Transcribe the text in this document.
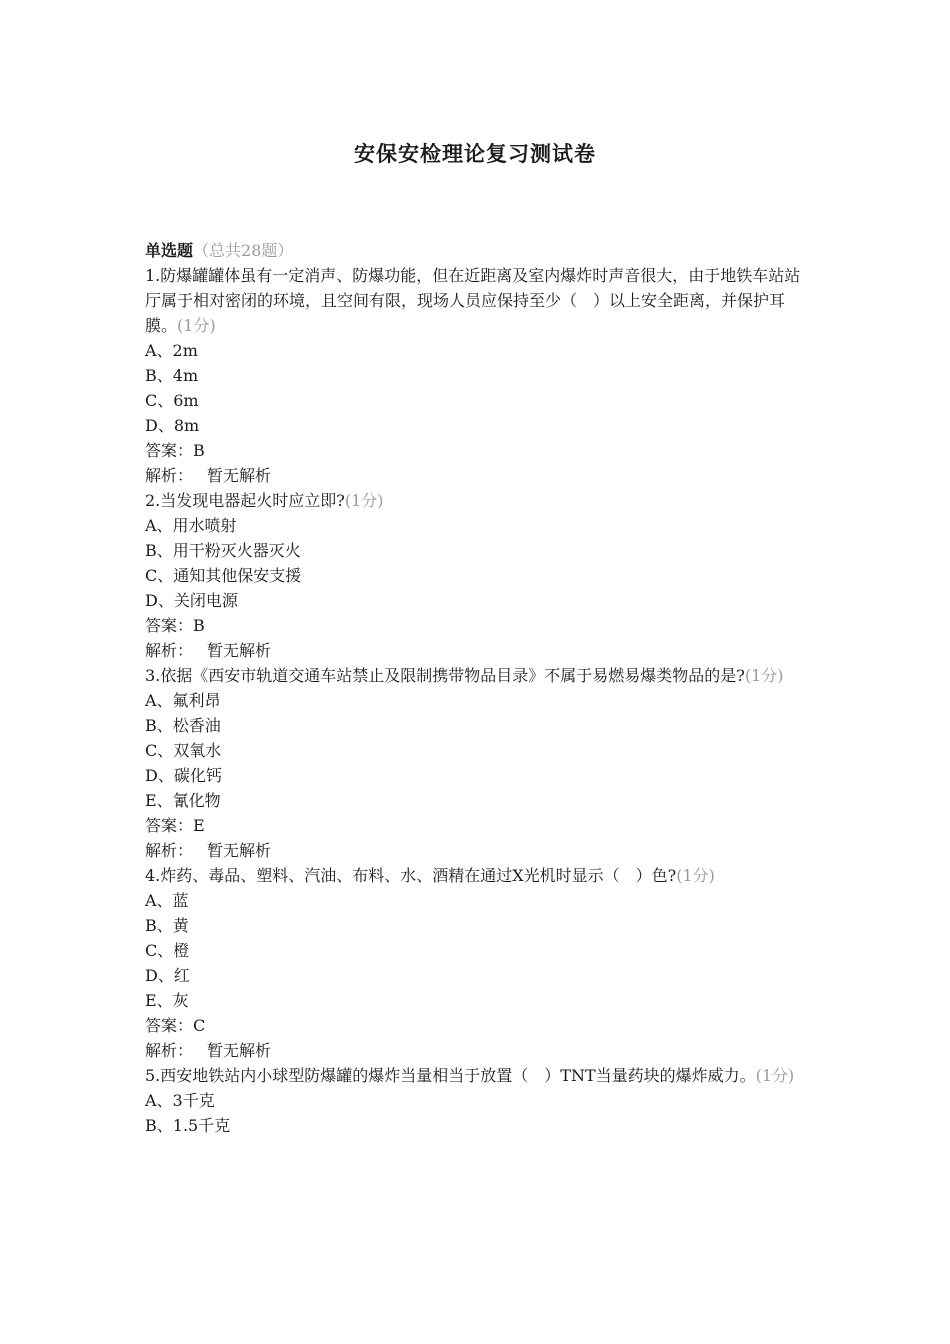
安保安检理论复习测试卷
单选题（总共28题）
1.防爆罐罐体虽有一定消声、防爆功能，但在近距离及室内爆炸时声音很大，由于地铁车站站厅属于相对密闭的环境，且空间有限，现场人员应保持至少（　）以上安全距离，并保护耳膜。(1分)
A、2m
B、4m
C、6m
D、8m
答案：B
解析： 暂无解析
2.当发现电器起火时应立即?(1分)
A、用水喷射
B、用干粉灭火器灭火
C、通知其他保安支援
D、关闭电源
答案：B
解析： 暂无解析
3.依据《西安市轨道交通车站禁止及限制携带物品目录》不属于易燃易爆类物品的是?(1分)
A、氟利昂
B、松香油
C、双氧水
D、碳化钙
E、氰化物
答案：E
解析： 暂无解析
4.炸药、毒品、塑料、汽油、布料、水、酒精在通过X光机时显示（　）色?(1分)
A、蓝
B、黄
C、橙
D、红
E、灰
答案：C
解析： 暂无解析
5.西安地铁站内小球型防爆罐的爆炸当量相当于放置（　）TNT当量药块的爆炸威力。(1分)
A、3千克
B、1.5千克
